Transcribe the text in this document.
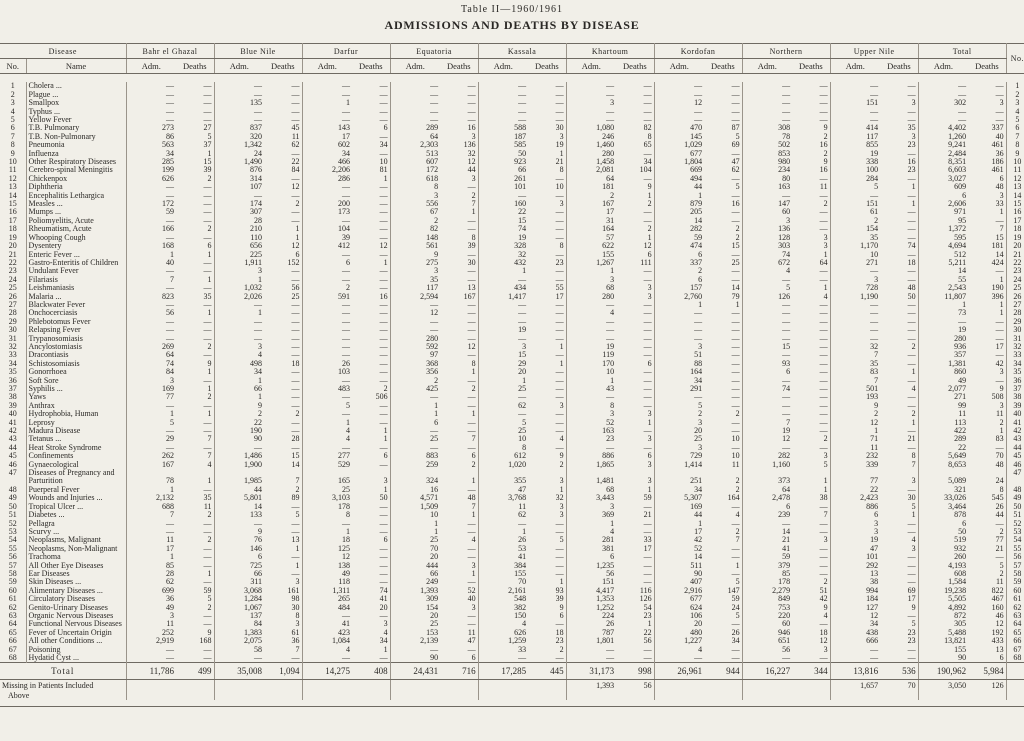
Table II—1960/1961
ADMISSIONS AND DEATHS BY DISEASE
Disease		Bahr el Ghazal		Blue Nile		Darfur		Equatoria		Kassala		Khartoum		Kordofan		Northern		Upper Nile		Total		No.
No.	Name	Adm.	Deaths	Adm.	Deaths	Adm.	Deaths	Adm.	Deaths	Adm.	Deaths	Adm.	Deaths	Adm.	Deaths	Adm.	Deaths	Adm.	Deaths	Adm.	Deaths	

1	Cholera ...	—	—	—	—	—	—	—	—	—	—	—	—	—	—	—	—	—	—	—	—	1
2	Plague ...	—	—	—	—	—	—	—	—	—	—	—	—	—	—	—	—	—	—	—	—	2
3	Smallpox	—	—	135	—	1	—	—	—	—	—	3	—	12	—	—	—	151	3	302	3	3
4	Typhus ...	—	—	—	—	—	—	—	—	—	—	—	—	—	—	—	—	—	—	—	—	4
5	Yellow Fever	—	—	—	—	—	—	—	—	—	—	—	—	—	—	—	—	—	—	—	—	5
6	T.B. Pulmonary	273	27	837	45	143	6	289	16	588	30	1,080	82	470	87	308	9	414	35	4,402	337	6
7	T.B. Non-Pulmonary	86	5	320	11	17	—	64	3	187	3	246	8	145	5	78	2	117	3	1,260	40	7
8	Pneumonia	563	37	1,342	62	602	34	2,303	136	585	19	1,460	65	1,029	69	502	16	855	23	9,241	461	8
9	Influenza	34	1	24	—	34	—	513	32	50	1	280	—	677	—	853	2	19	—	2,484	36	9
10	Other Respiratory Diseases	285	15	1,490	22	466	10	607	12	923	21	1,458	34	1,804	47	980	9	338	16	8,351	186	10
11	Cerebro-spinal Meningitis	199	39	876	84	2,206	81	172	44	66	8	2,081	104	669	62	234	16	100	23	6,603	461	11
12	Chickenpox	626	2	314	—	286	1	618	3	261	—	64	—	494	—	80	—	284	—	3,027	6	12
13	Diphtheria	—	—	107	12	—	—	8	—	101	10	181	9	44	5	163	11	5	1	609	48	13
14	Encephalitis Lethargica	—	—	—	—	—	—	3	2	—	—	2	1	1	—	—	—	—	—	6	3	14
15	Measles ...	172	—	174	2	200	—	556	7	160	3	167	2	879	16	147	2	151	1	2,606	33	15
16	Mumps ...	59	—	307	—	173	—	67	1	22	—	17	—	205	—	60	—	61	—	971	1	16
17	Poliomyelitis, Acute	—	—	28	—	—	—	2	—	15	—	31	—	14	—	3	—	2	—	95	—	17
18	Rheumatism, Acute	166	2	210	1	104	—	82	—	74	—	164	2	282	2	136	—	154	—	1,372	7	18
19	Whooping Cough	—	—	110	1	39	—	148	8	19	—	57	1	59	2	128	3	35	—	595	15	19
20	Dysentery	168	6	656	12	412	12	561	39	328	8	622	12	474	15	303	3	1,170	74	4,694	181	20
21	Enteric Fever ...	1	1	225	6	—	—	9	—	32	—	155	6	6	—	74	1	10	—	512	14	21
22	Gastro-Enteritis of Children	40	—	1,911	152	6	1	275	30	432	23	1,267	111	337	25	672	64	271	18	5,211	424	22
23	Undulant Fever	—	—	3	—	—	—	3	—	1	—	1	—	2	—	4	—	—	—	14	—	23
24	Filariasis	7	1	1	—	—	—	35	—	—	—	3	—	6	—	—	—	3	—	55	1	24
25	Leishmaniasis	—	—	1,032	56	2	—	117	13	434	55	68	3	157	14	5	1	728	48	2,543	190	25
26	Malaria ...	823	35	2,026	25	591	16	2,594	167	1,417	17	280	3	2,760	79	126	4	1,190	50	11,807	396	26
27	Blackwater Fever	—	—	—	—	—	—	—	—	—	—	—	—	1	1	—	—	—	—	1	1	27
28	Onchocerciasis	56	1	1	—	—	—	12	—	—	—	4	—	—	—	—	—	—	—	73	1	28
29	Phlebotomus Fever	—	—	—	—	—	—	—	—	—	—	—	—	—	—	—	—	—	—	—	—	29
30	Relapsing Fever	—	—	—	—	—	—	—	—	19	—	—	—	—	—	—	—	—	—	19	—	30
31	Trypanosomiasis	—	—	—	—	—	—	280	—	—	—	—	—	—	—	—	—	—	—	280	—	31
32	Ancylostomiasis	269	2	3	—	—	—	592	12	3	1	19	—	3	—	15	—	32	2	936	17	32
33	Dracontiasis	64	—	4	—	—	—	97	—	15	—	119	—	51	—	—	—	7	—	357	—	33
34	Schistosomiasis	74	9	498	18	26	—	368	8	29	1	170	6	88	—	93	—	35	—	1,381	42	34
35	Gonorrhoea	84	1	34	—	103	—	356	1	20	—	10	—	164	—	6	—	83	1	860	3	35
36	Soft Sore	3	—	1	—	—	—	2	—	1	—	1	—	34	—	—	—	7	—	49	—	36
37	Syphilis ...	169	1	66	—	483	2	425	2	25	—	43	—	291	—	74	—	501	4	2,077	9	37
38	Yaws	77	2	1	—	—	506	—	—	—	—	—	—	—	—	—	—	193	—	271	508	38
39	Anthrax	—	—	9	—	5	—	1	—	62	3	8	—	5	—	—	—	9	—	99	3	39
40	Hydrophobia, Human	1	1	2	2	—	—	1	1	—	—	3	3	2	2	—	—	2	2	11	11	40
41	Leprosy	5	—	22	—	1	—	6	—	5	—	52	1	3	—	7	—	12	1	113	2	41
42	Madura Disease	—	—	190	—	4	1	—	—	25	—	163	—	20	—	19	—	1	—	422	1	42
43	Tetanus ...	29	7	90	28	4	1	25	7	10	4	23	3	25	10	12	2	71	21	289	83	43
44	Heat Stroke Syndrome	—	—	—	—	—	—	—	—	8	—	—	—	3	—	—	—	11	—	22	—	44
45	Confinements	262	7	1,486	15	277	6	883	6	612	9	886	6	729	10	282	3	232	8	5,649	70	45
46	Gynaecological	167	4	1,900	14	529	—	259	2	1,020	2	1,865	3	1,414	11	1,160	5	339	7	8,653	48	46
47	Diseases of Pregnancy and																					47
	Parturition	78	1	1,985	7	165	3	324	1	355	3	1,481	3	251	2	373	1	77	3	5,089	24	
48	Puerperal Fever	1	—	44	2	25	1	16	—	47	1	68	1	34	2	64	1	22	—	321	8	48
49	Wounds and Injuries ...	2,132	35	5,801	89	3,103	50	4,571	48	3,768	32	3,443	59	5,307	164	2,478	38	2,423	30	33,026	545	49
50	Tropical Ulcer ...	688	11	14	—	178	—	1,509	7	11	3	3	—	169	—	6	—	886	5	3,464	26	50
51	Diabetes ...	7	2	133	5	8	—	10	1	62	3	369	21	44	4	239	7	6	1	878	44	51
52	Pellagra	—	—	—	—	—	—	1	—	—	—	1	—	1	—	—	—	3	—	6	—	52
53	Scurvy ...	—	—	9	—	1	—	1	—	1	—	4	—	17	2	14	—	3	—	50	2	53
54	Neoplasms, Malignant	11	2	76	13	18	6	25	4	26	5	281	33	42	7	21	3	19	4	519	77	54
55	Neoplasms, Non-Malignant	17	—	146	1	125	—	70	—	53	—	381	17	52	—	41	—	47	3	932	21	55
56	Trachoma	1	—	6	—	12	—	20	—	41	—	6	—	14	—	59	—	101	—	260	—	56
57	All Other Eye Diseases	85	—	725	1	138	—	444	3	384	—	1,235	—	511	1	379	—	292	—	4,193	5	57
58	Ear Diseases	28	1	66	—	49	—	66	1	155	—	56	—	90	—	85	—	13	—	608	2	58
59	Skin Diseases ...	62	—	311	3	118	—	249	—	70	1	151	—	407	5	178	2	38	—	1,584	11	59
60	Alimentary Diseases ...	699	59	3,068	161	1,311	74	1,393	52	2,161	93	4,417	116	2,916	147	2,279	51	994	69	19,238	822	60
61	Circulatory Diseases	36	5	1,284	98	265	41	309	40	548	39	1,353	126	677	59	849	42	184	17	5,505	467	61
62	Genito-Urinary Diseases	49	2	1,067	30	484	20	154	3	382	9	1,252	54	624	24	753	9	127	9	4,892	160	62
63	Organic Nervous Diseases	3	—	137	8	—	—	20	—	150	6	224	23	106	5	220	4	12	—	872	46	63
64	Functional Nervous Diseases	11	—	84	3	41	3	25	—	4	—	26	1	20	—	60	—	34	5	305	12	64
65	Fever of Uncertain Origin	252	9	1,383	61	423	4	153	11	626	18	787	22	480	26	946	18	438	23	5,488	192	65
66	All other Conditions ...	2,919	168	2,075	36	1,084	34	2,139	47	1,259	23	1,801	56	1,227	34	651	12	666	23	13,821	433	66
67	Poisoning	—	—	58	7	4	1	—	—	33	2	—	—	4	—	56	3	—	—	155	13	67
68	Hydatid Cyst ...	—	—	—	—	—	—	90	6	—	—	—	—	—	—	—	—	—	—	90	6	68
Total		11,786	499	35,008	1,094	14,275	408	24,431	716	17,285	445	31,173	998	26,961	944	16,227	344	13,816	536	190,962	5,984	
Missing in Patients Included												1,393	56					1,657	70	3,050	126	
Above																						
